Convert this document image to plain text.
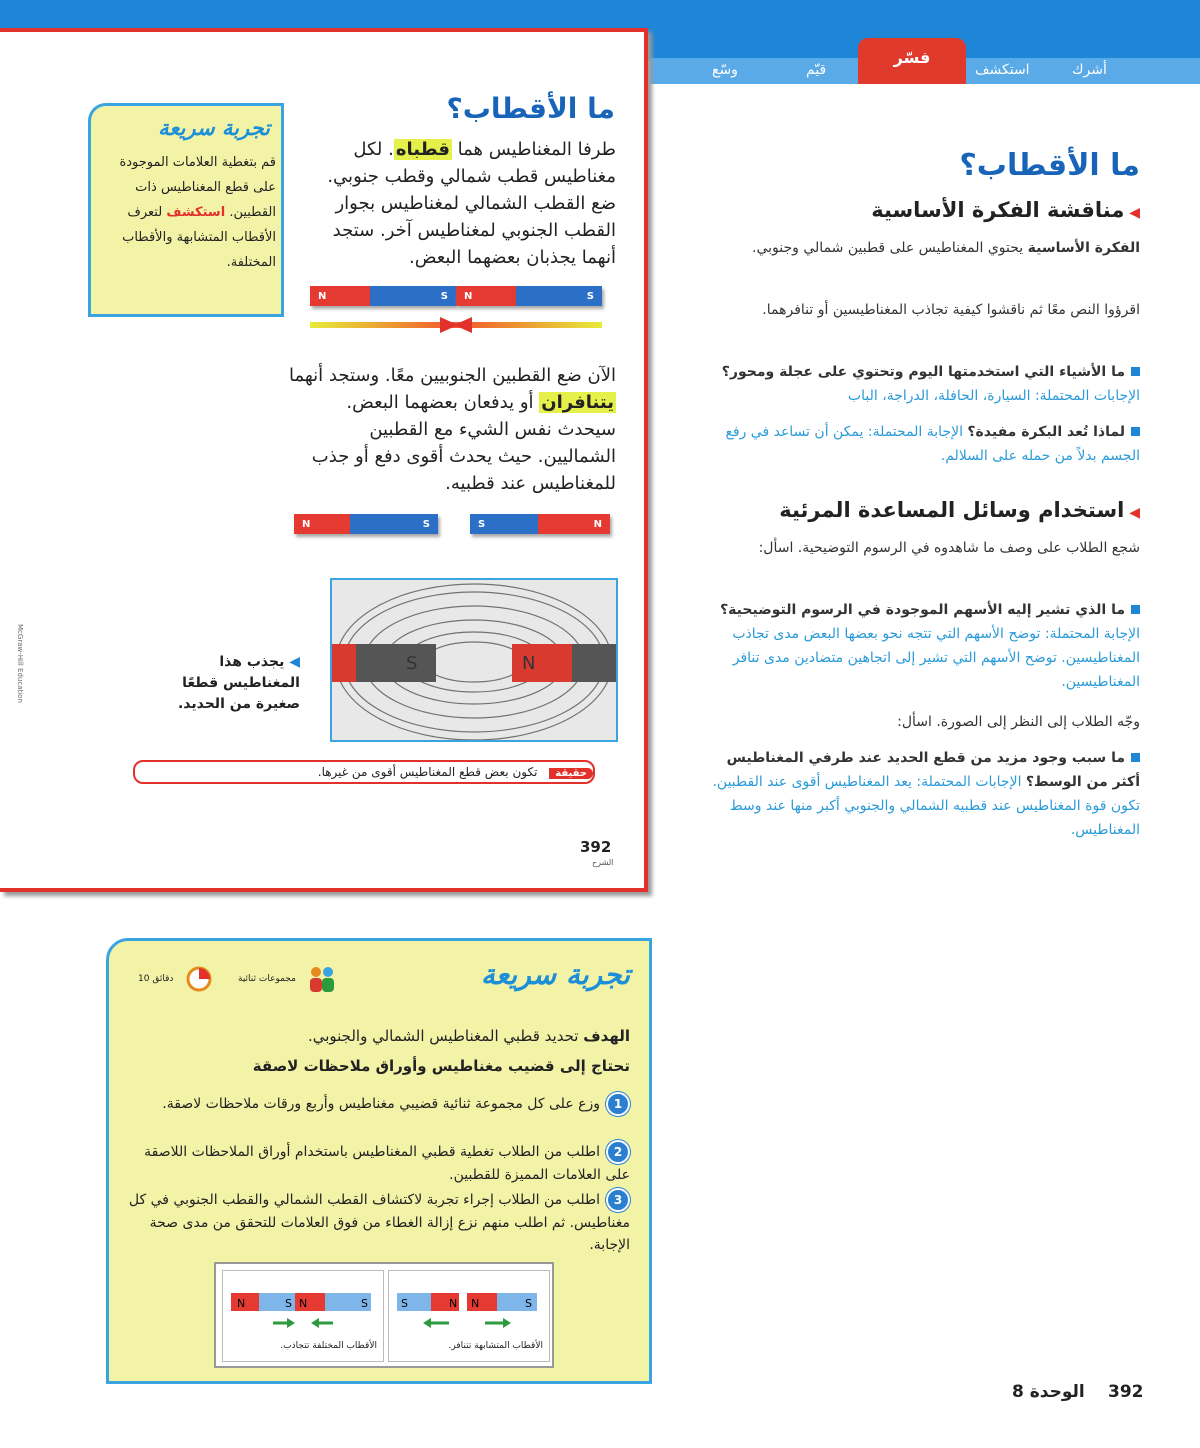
أشرك
استكشف
فسّر
قيّم
وسّع
ما الأقطاب؟
طرفا المغناطيس هما قطباه. لكل مغناطيس قطب شمالي وقطب جنوبي. ضع القطب الشمالي لمغناطيس بجوار القطب الجنوبي لمغناطيس آخر. ستجد أنهما يجذبان بعضهما البعض.
N	S	N	S
الآن ضع القطبين الجنوبيين معًا. وستجد أنهما يتنافران أو يدفعان بعضهما البعض. سيحدث نفس الشيء مع القطبين الشماليين. حيث يحدث أقوى دفع أو جذب للمغناطيس عند قطبيه.
N	S	S	N
S	N
◀ يجذب هذا المغناطيس قطعًا صغيرة من الحديد.
حقيقة تكون بعض قطع المغناطيس أقوى من غيرها.
392
الشرح
McGraw-Hill Education
تجربة سريعة
قم بتغطية العلامات الموجودة على قطع المغناطيس ذات القطبين. استكشف لتعرف الأقطاب المتشابهة والأقطاب المختلفة.
ما الأقطاب؟
◀ مناقشة الفكرة الأساسية
الفكرة الأساسية يحتوي المغناطيس على قطبين شمالي وجنوبي.
اقرؤوا النص معًا ثم ناقشوا كيفية تجاذب المغناطيسين أو تنافرهما.
ما الأشياء التي استخدمتها اليوم وتحتوي على عجلة ومحور؟ الإجابات المحتملة: السيارة، الحافلة، الدراجة، الباب
لماذا تُعد البكرة مفيدة؟ الإجابة المحتملة: يمكن أن تساعد في رفع الجسم بدلاً من حمله على السلالم.
◀ استخدام وسائل المساعدة المرئية
شجع الطلاب على وصف ما شاهدوه في الرسوم التوضيحية. اسأل:
ما الذي تشير إليه الأسهم الموجودة في الرسوم التوضيحية؟ الإجابة المحتملة: توضح الأسهم التي تتجه نحو بعضها البعض مدى تجاذب المغناطيسين. توضح الأسهم التي تشير إلى اتجاهين متضادين مدى تنافر المغناطيسين.
وجّه الطلاب إلى النظر إلى الصورة. اسأل:
ما سبب وجود مزيد من قطع الحديد عند طرفي المغناطيس أكثر من الوسط؟ الإجابات المحتملة: يعد المغناطيس أقوى عند القطبين. تكون قوة المغناطيس عند قطبيه الشمالي والجنوبي أكبر منها عند وسط المغناطيس.
تجربة سريعة
10 دقائق	مجموعات ثنائية
الهدف تحديد قطبي المغناطيس الشمالي والجنوبي.
تحتاج إلى قضيب مغناطيس وأوراق ملاحظات لاصقة
1وزع على كل مجموعة ثنائية قضيبي مغناطيس وأربع ورقات ملاحظات لاصقة.
2اطلب من الطلاب تغطية قطبي المغناطيس باستخدام أوراق الملاحظات اللاصقة على العلامات المميزة للقطبين.
3اطلب من الطلاب إجراء تجربة لاكتشاف القطب الشمالي والقطب الجنوبي في كل مغناطيس. ثم اطلب منهم نزع إزالة الغطاء من فوق العلامات للتحقق من مدى صحة الإجابة.
N	S N	S
الأقطاب المختلفة تتجاذب.
S	N N	S
الأقطاب المتشابهة تتنافر.
392
الوحدة 8
